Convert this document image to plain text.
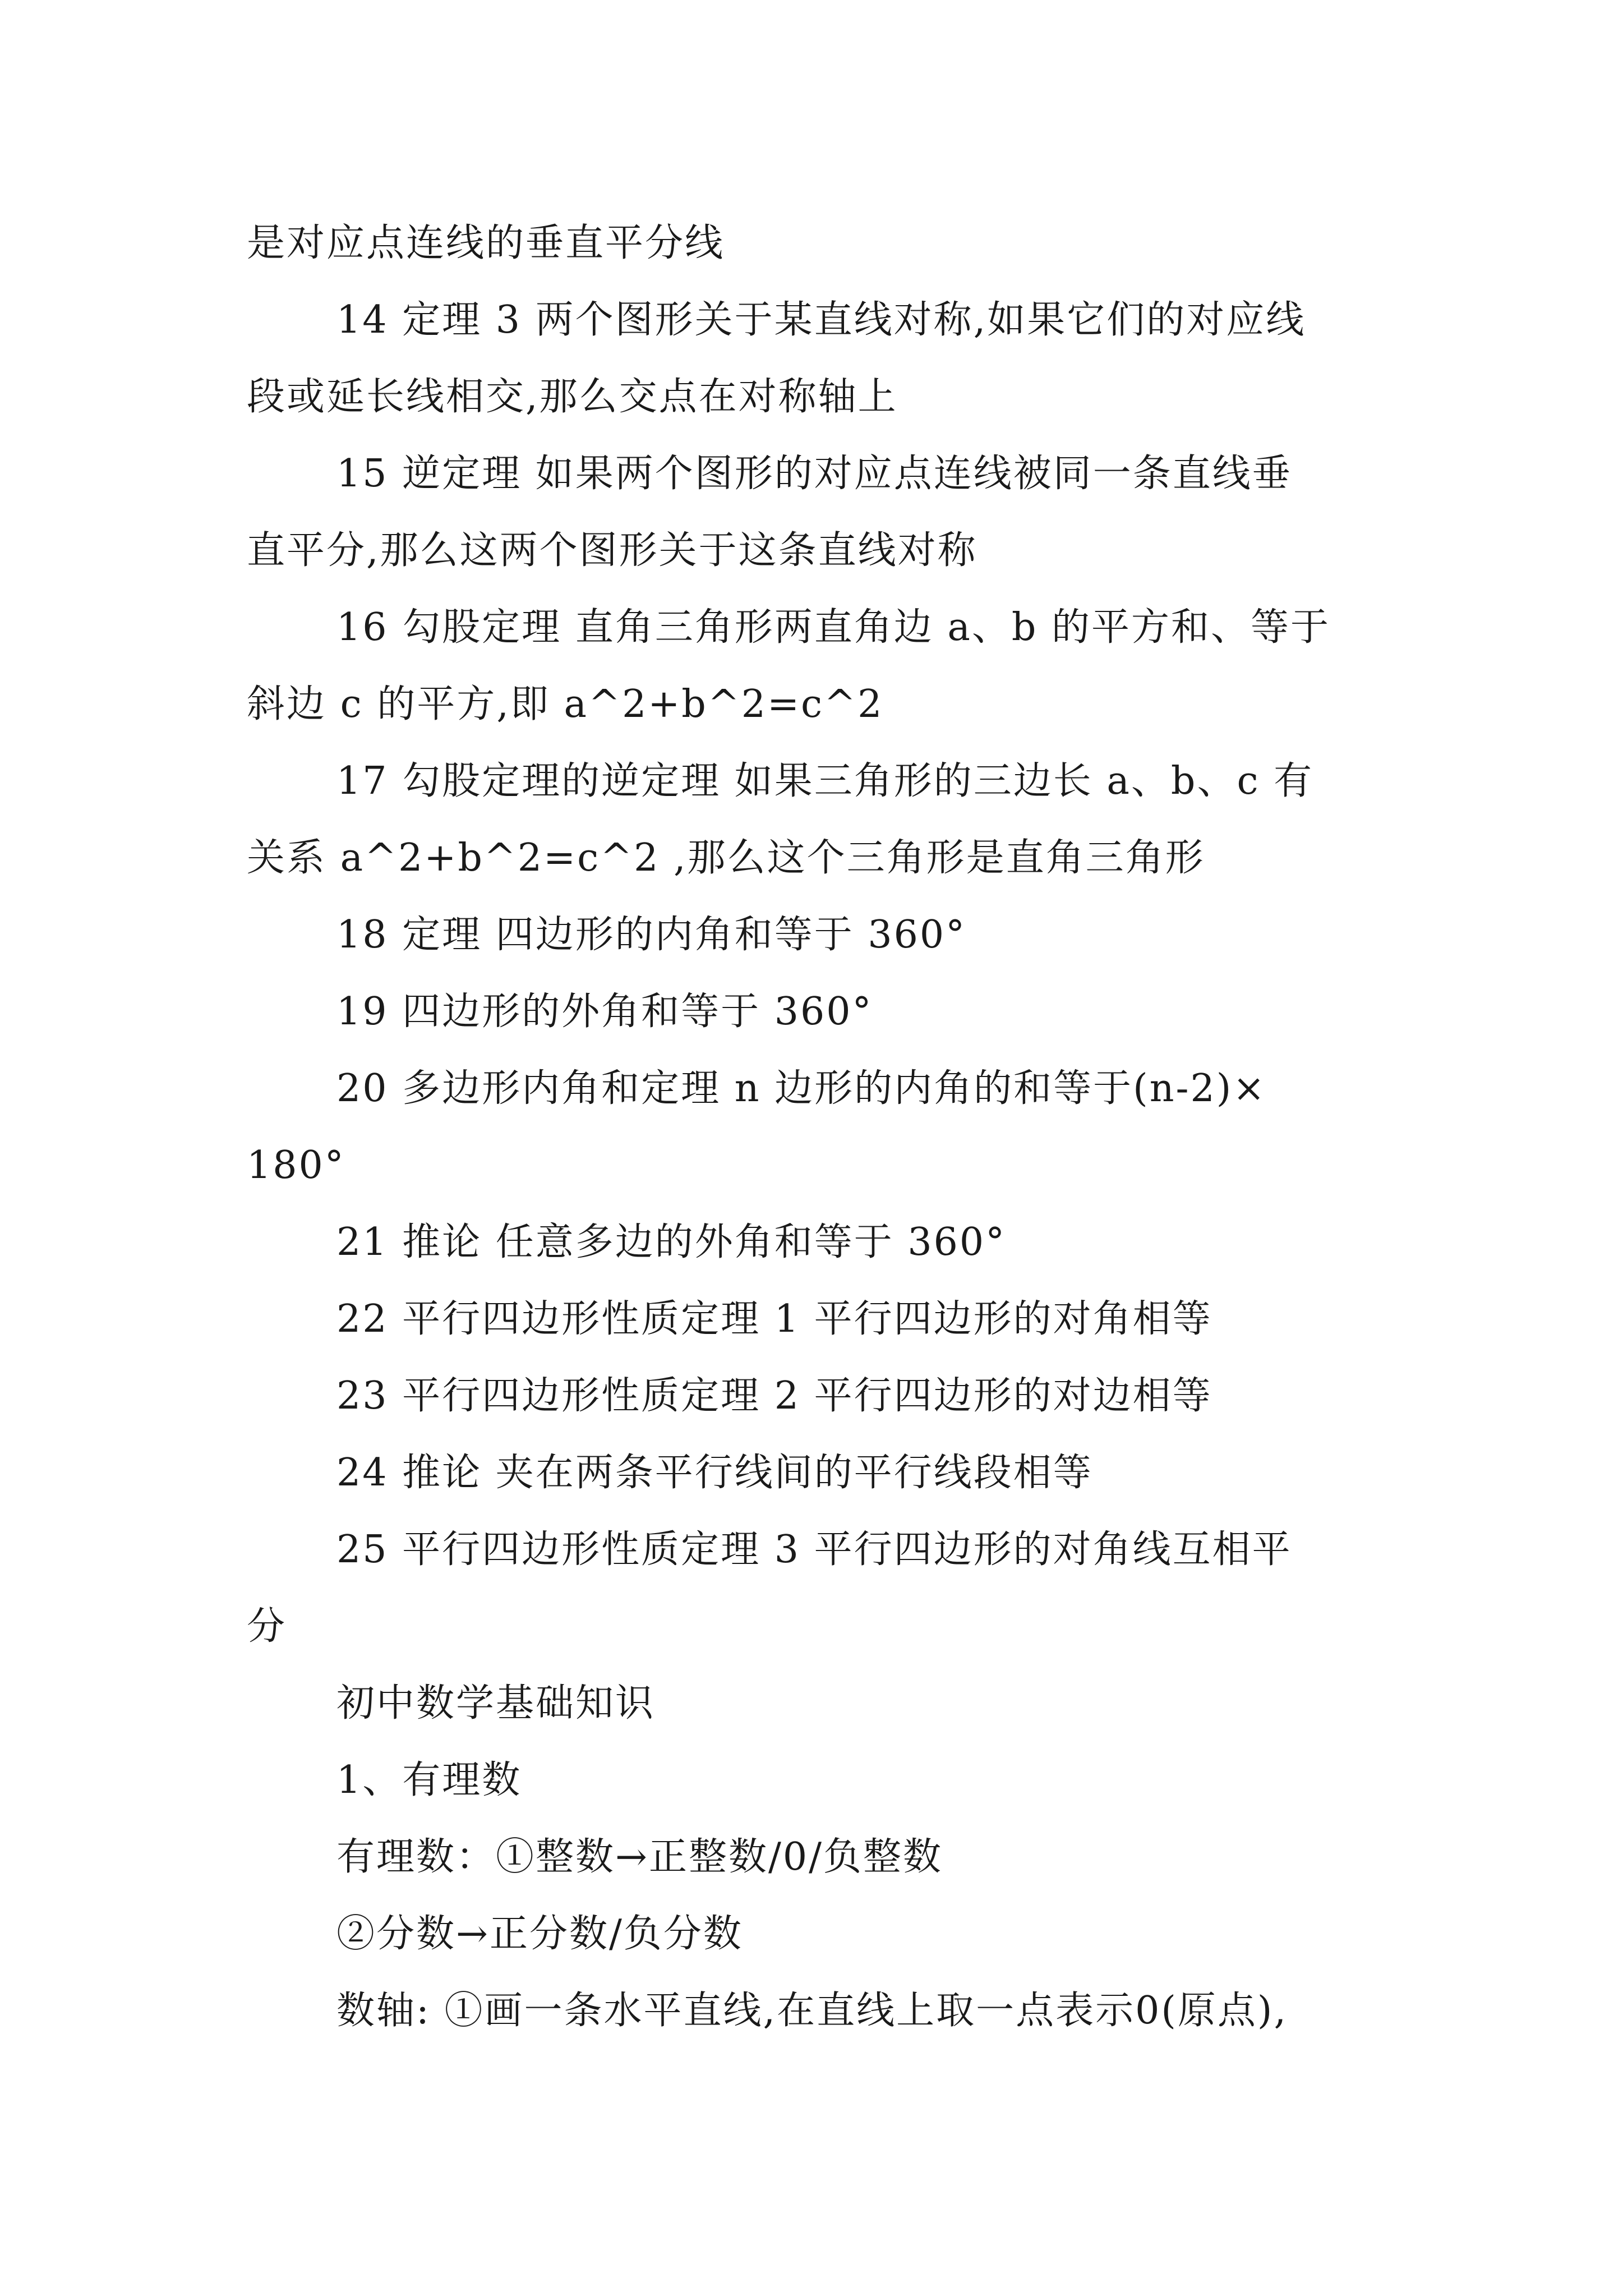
是对应点连线的垂直平分线
14 定理 3 两个图形关于某直线对称,如果它们的对应线
段或延长线相交,那么交点在对称轴上
15 逆定理 如果两个图形的对应点连线被同一条直线垂
直平分,那么这两个图形关于这条直线对称
16 勾股定理 直角三角形两直角边 a、b 的平方和、等于
斜边 c 的平方,即 a^2+b^2=c^2
17 勾股定理的逆定理 如果三角形的三边长 a、b、c 有
关系 a^2+b^2=c^2 ,那么这个三角形是直角三角形
18 定理 四边形的内角和等于 360°
19 四边形的外角和等于 360°
20 多边形内角和定理 n 边形的内角的和等于(n-2)×
180°
21 推论 任意多边的外角和等于 360°
22 平行四边形性质定理 1 平行四边形的对角相等
23 平行四边形性质定理 2 平行四边形的对边相等
24 推论 夹在两条平行线间的平行线段相等
25 平行四边形性质定理 3 平行四边形的对角线互相平
分
初中数学基础知识
1、有理数
有理数：①整数→正整数/0/负整数
②分数→正分数/负分数
数轴: ①画一条水平直线,在直线上取一点表示0(原点),
